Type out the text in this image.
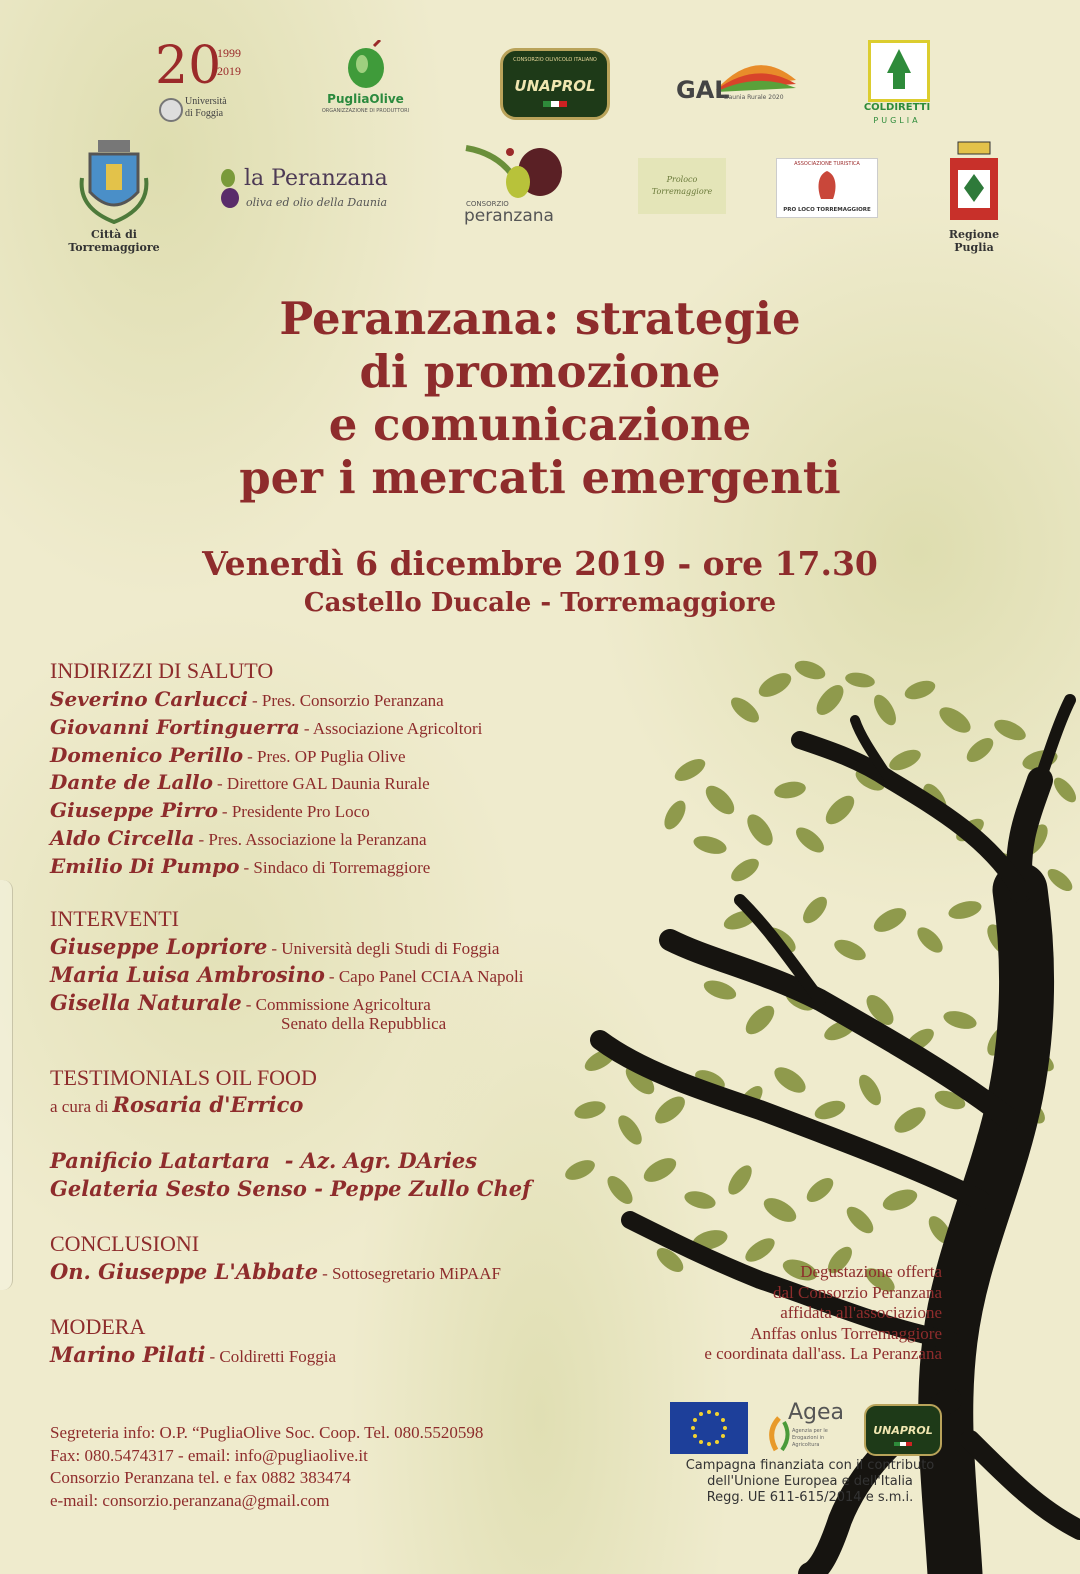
20
1999
2019
Università
di Foggia
PugliaOlive
ORGANIZZAZIONE DI PRODUTTORI
CONSORZIO OLIVICOLO ITALIANO
UNAPROL	GAL
Daunia Rurale 2020
COLDIRETTI
PUGLIA
Città di
Torremaggiore
la Peranzana
oliva ed olio della Daunia	CONSORZIO
peranzana
Proloco Torremaggiore
ASSOCIAZIONE TURISTICA
PRO LOCO TORREMAGGIORE
Regione
Puglia
Peranzana: strategie
di promozione
e comunicazione
per i mercati emergenti
Venerdì 6 dicembre 2019 - ore 17.30
Castello Ducale - Torremaggiore
INDIRIZZI DI SALUTO
Severino Carlucci - Pres. Consorzio Peranzana
Giovanni Fortinguerra - Associazione Agricoltori
Domenico Perillo - Pres. OP Puglia Olive
Dante de Lallo - Direttore GAL Daunia Rurale
Giuseppe Pirro - Presidente Pro Loco
Aldo Circella - Pres. Associazione la Peranzana
Emilio Di Pumpo - Sindaco di Torremaggiore
INTERVENTI
Giuseppe Lopriore - Università degli Studi di Foggia
Maria Luisa Ambrosino - Capo Panel CCIAA Napoli
Gisella Naturale - Commissione Agricoltura
Senato della Repubblica
TESTIMONIALS OIL FOOD
a cura di Rosaria d'Errico
Panificio Latartara  - Az. Agr. DAries
Gelateria Sesto Senso - Peppe Zullo Chef
CONCLUSIONI
On. Giuseppe L'Abbate - Sottosegretario MiPAAF
MODERA
Marino Pilati - Coldiretti Foggia
Degustazione offerta
dal Consorzio Peranzana
affidata all'associazione
Anffas onlus Torremaggiore
e coordinata dall'ass. La Peranzana
Segreteria info: O.P. “PugliaOlive Soc. Coop. Tel. 080.5520598
Fax: 080.5474317 - email: info@pugliaolive.it
Consorzio Peranzana tel. e fax 0882 383474
e-mail: consorzio.peranzana@gmail.com
Agea
Agenzia per le Erogazioni in Agricoltura
UNAPROL
Campagna finanziata con il contributo
dell'Unione Europea e dell'Italia
Regg. UE 611-615/2014 e s.m.i.
